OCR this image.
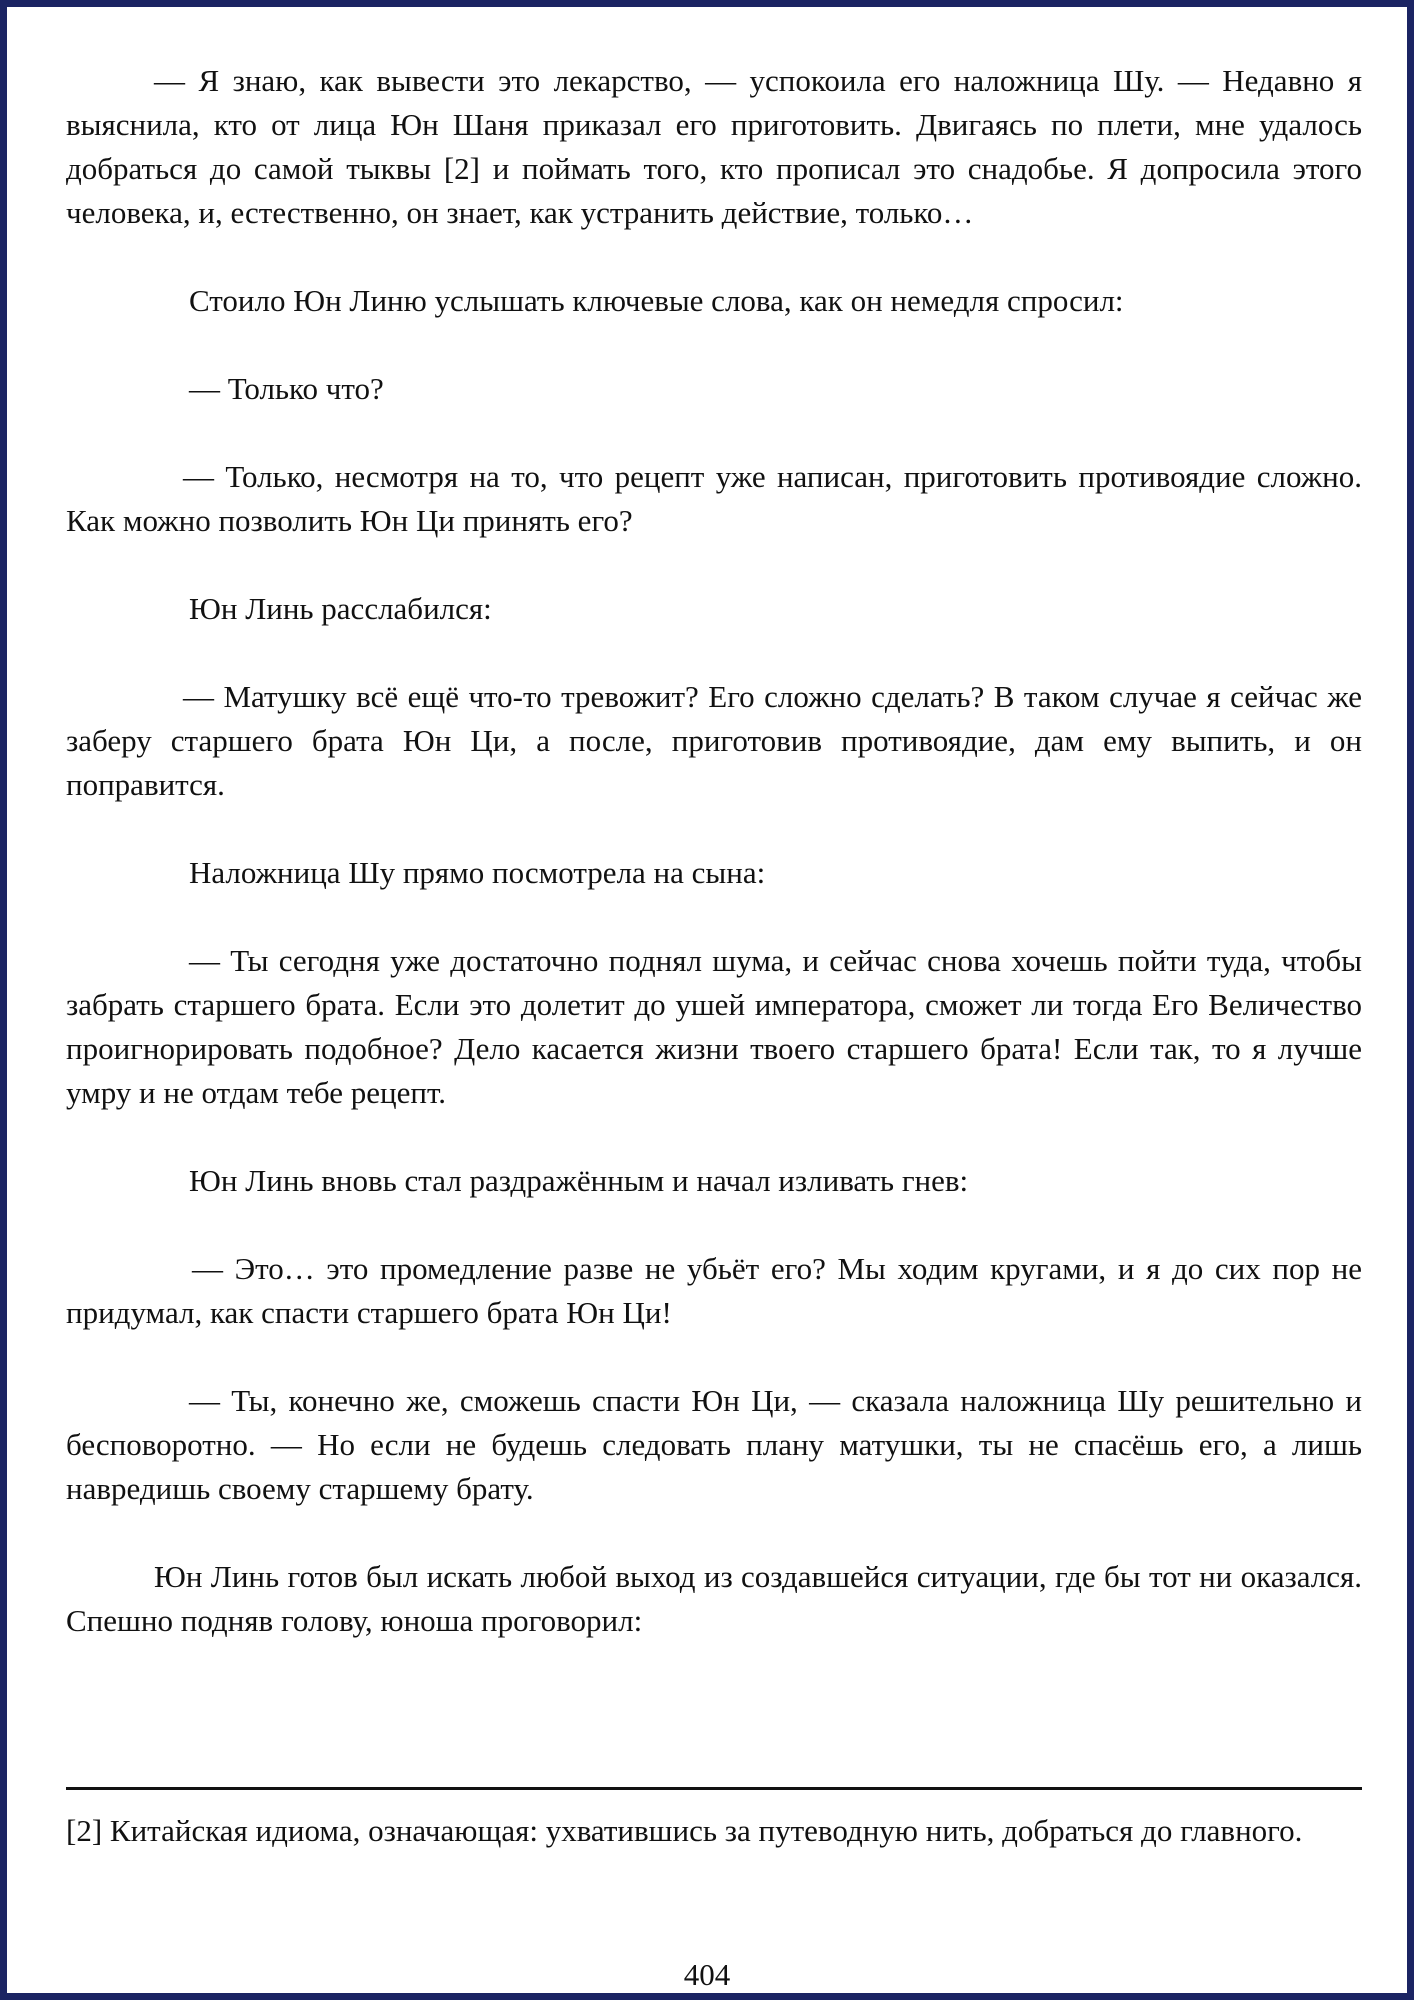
— Я знаю, как вывести это лекарство, — успокоила его наложница Шу. — Недавно я выяснила, кто от лица Юн Шаня приказал его приготовить. Двигаясь по плети, мне удалось добраться до самой тыквы [2] и поймать того, кто прописал это снадобье. Я допросила этого человека, и, естественно, он знает, как устранить действие, только…

Стоило Юн Линю услышать ключевые слова, как он немедля спросил:

— Только что?

— Только, несмотря на то, что рецепт уже написан, приготовить противоядие сложно. Как можно позволить Юн Ци принять его?

Юн Линь расслабился:

— Матушку всё ещё что-то тревожит? Его сложно сделать? В таком случае я сейчас же заберу старшего брата Юн Ци, а после, приготовив противоядие, дам ему выпить, и он поправится.

Наложница Шу прямо посмотрела на сына:

— Ты сегодня уже достаточно поднял шума, и сейчас снова хочешь пойти туда, чтобы забрать старшего брата. Если это долетит до ушей императора, сможет ли тогда Его Величество проигнорировать подобное? Дело касается жизни твоего старшего брата! Если так, то я лучше умру и не отдам тебе рецепт.

Юн Линь вновь стал раздражённым и начал изливать гнев:

— Это… это промедление разве не убьёт его? Мы ходим кругами, и я до сих пор не придумал, как спасти старшего брата Юн Ци!

— Ты, конечно же, сможешь спасти Юн Ци, — сказала наложница Шу решительно и бесповоротно. — Но если не будешь следовать плану матушки, ты не спасёшь его, а лишь навредишь своему старшему брату.

Юн Линь готов был искать любой выход из создавшейся ситуации, где бы тот ни оказался. Спешно подняв голову, юноша проговорил:

[2] Китайская идиома, означающая: ухватившись за путеводную нить, добраться до главного.

404
